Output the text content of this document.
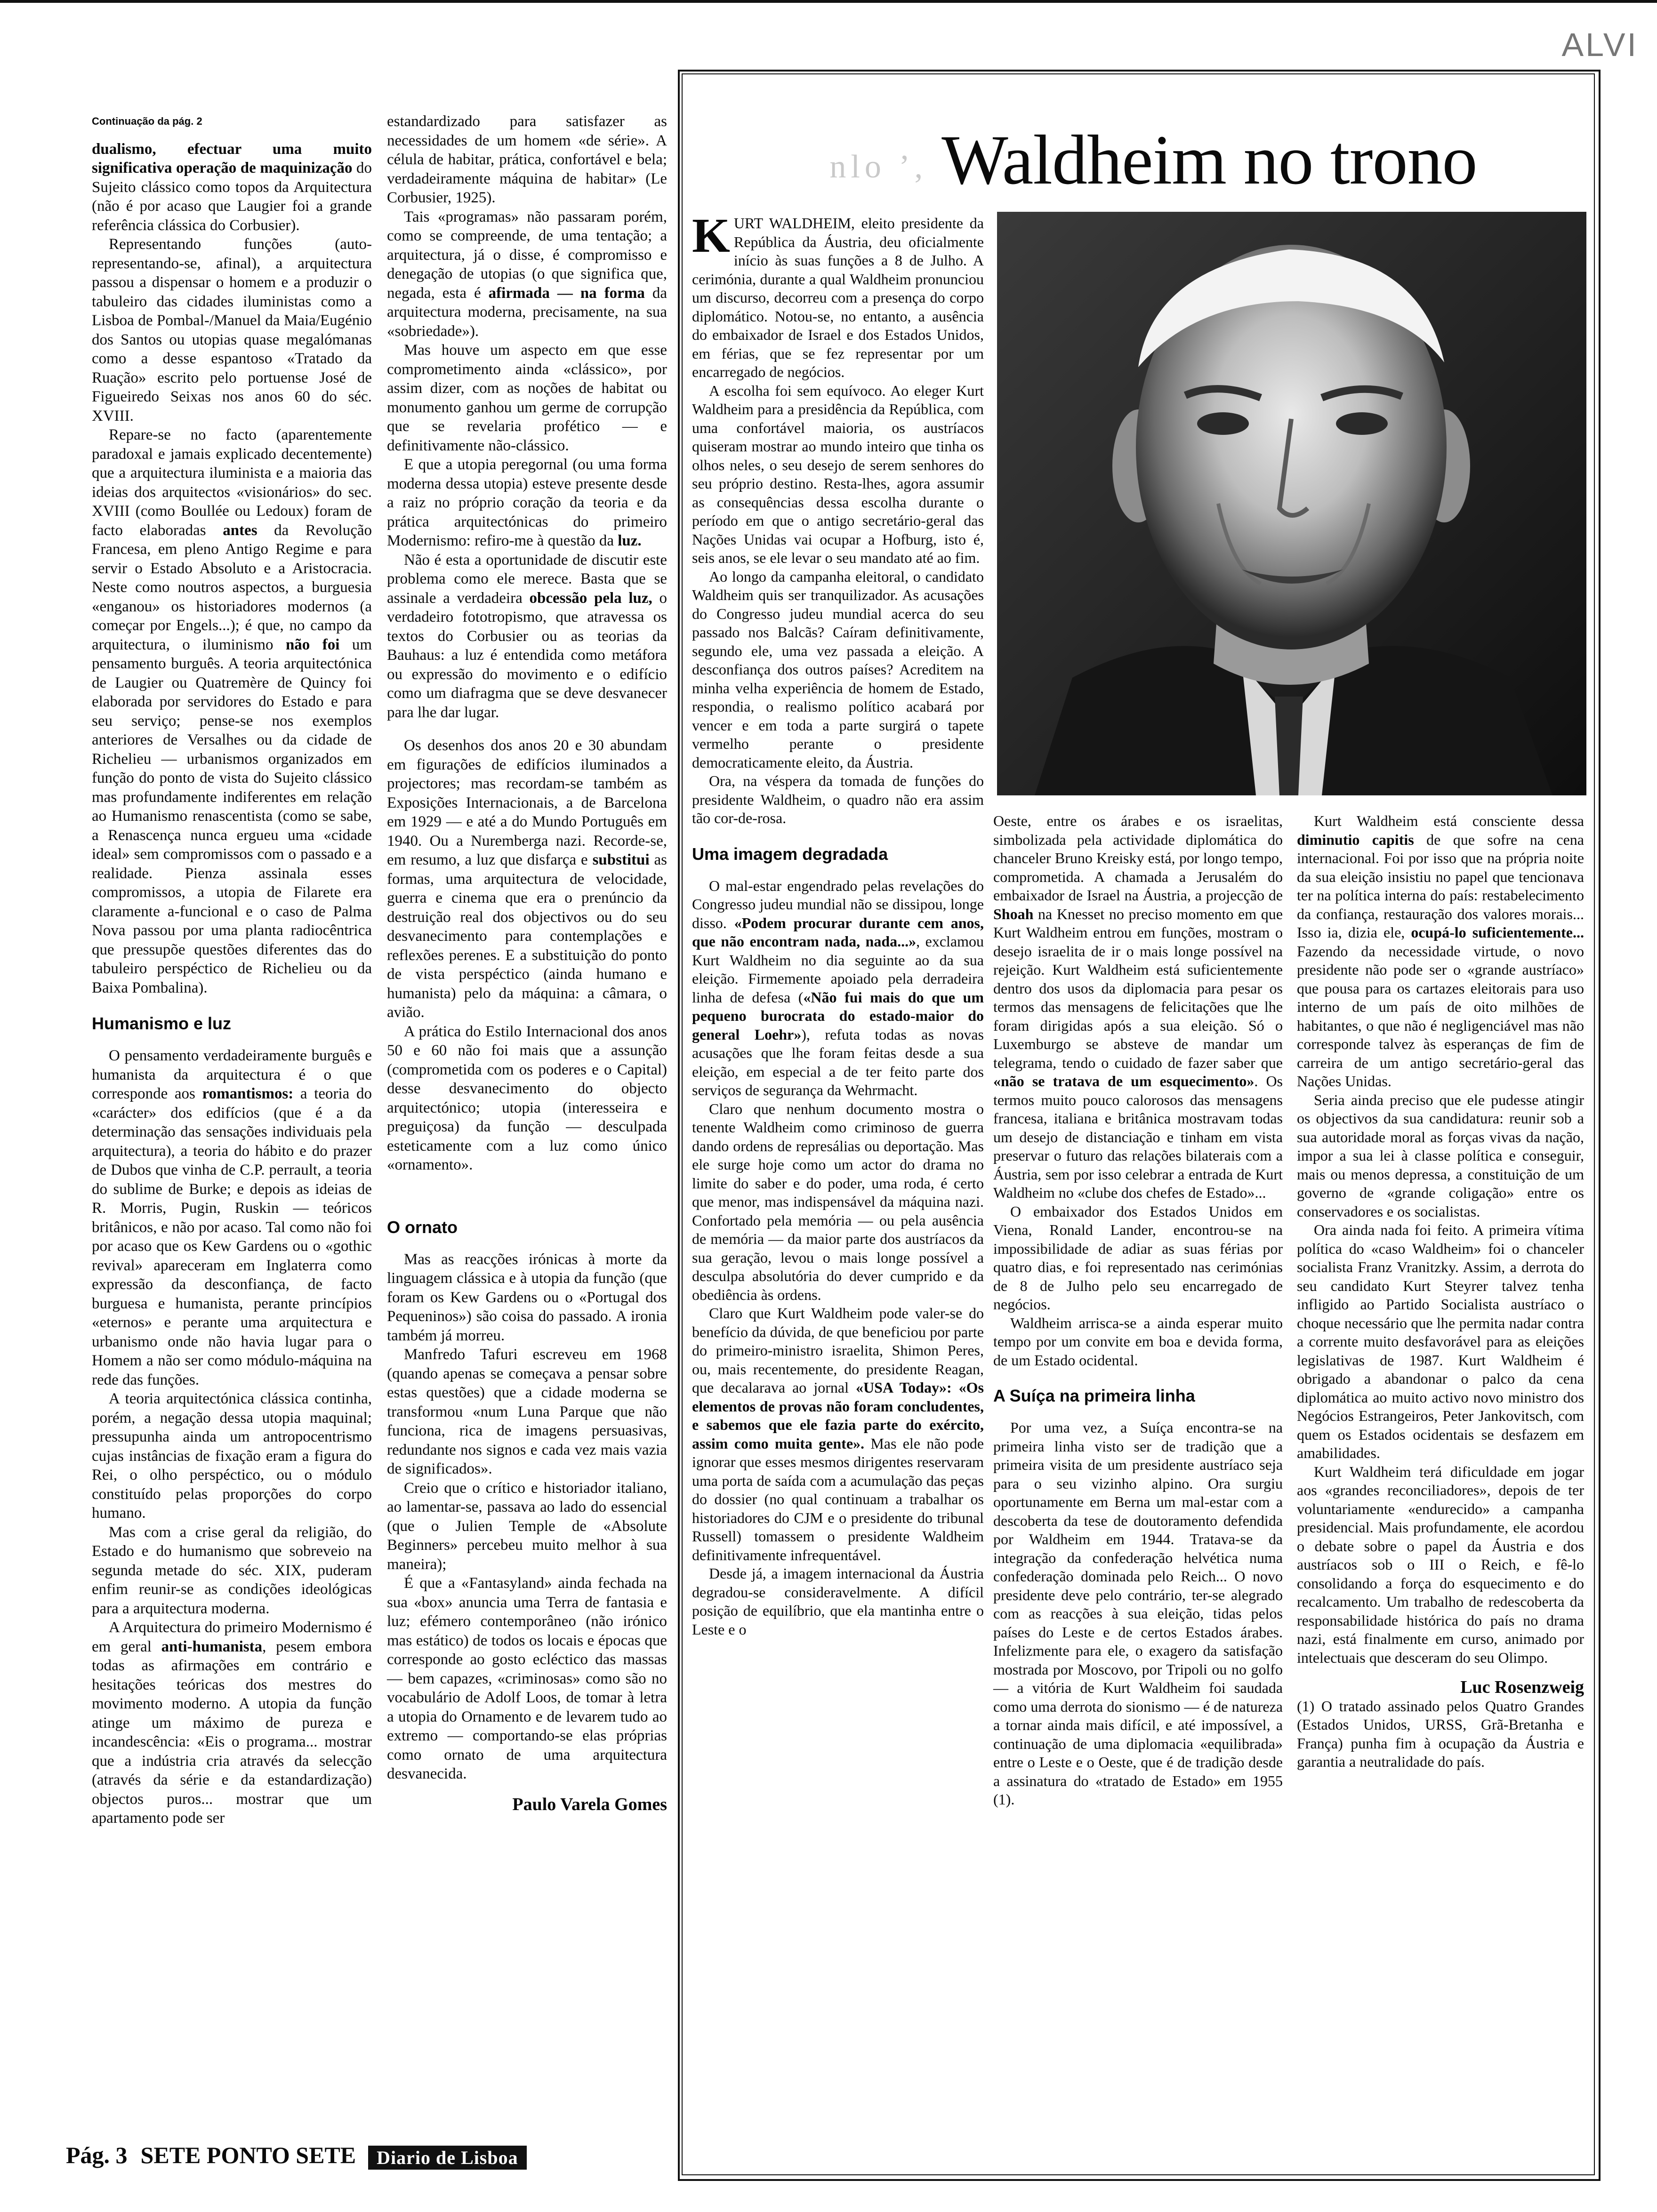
ALVI
Continuação da pág. 2

dualismo, efectuar uma muito significativa operação de maquinização do Sujeito clássico como topos da Arquitectura (não é por acaso que Laugier foi a grande referência clássica do Corbusier).

Representando funções (auto-representando-se, afinal), a arquitectura passou a dispensar o homem e a produzir o tabuleiro das cidades iluministas como a Lisboa de Pombal-/Manuel da Maia/Eugénio dos Santos ou utopias quase megalómanas como a desse espantoso «Tratado da Ruação» escrito pelo portuense José de Figueiredo Seixas nos anos 60 do séc. XVIII.

Repare-se no facto (aparentemente paradoxal e jamais explicado decentemente) que a arquitectura iluminista e a maioria das ideias dos arquitectos «visionários» do sec. XVIII (como Boullée ou Ledoux) foram de facto elaboradas antes da Revolução Francesa, em pleno Antigo Regime e para servir o Estado Absoluto e a Aristocracia. Neste como noutros aspectos, a burguesia «enganou» os historiadores modernos (a começar por Engels...); é que, no campo da arquitectura, o iluminismo não foi um pensamento burguês. A teoria arquitectónica de Laugier ou Quatremère de Quincy foi elaborada por servidores do Estado e para seu serviço; pense-se nos exemplos anteriores de Versalhes ou da cidade de Richelieu — urbanismos organizados em função do ponto de vista do Sujeito clássico mas profundamente indiferentes em relação ao Humanismo renascentista (como se sabe, a Renascença nunca ergueu uma «cidade ideal» sem compromissos com o passado e a realidade. Pienza assinala esses compromissos, a utopia de Filarete era claramente a-funcional e o caso de Palma Nova passou por uma planta radiocêntrica que pressupõe questões diferentes das do tabuleiro perspéctico de Richelieu ou da Baixa Pombalina).

Humanismo e luz

O pensamento verdadeiramente burguês e humanista da arquitectura é o que corresponde aos romantismos: a teoria do «carácter» dos edifícios (que é a da determinação das sensações individuais pela arquitectura), a teoria do hábito e do prazer de Dubos que vinha de C.P. perrault, a teoria do sublime de Burke; e depois as ideias de R. Morris, Pugin, Ruskin — teóricos britânicos, e não por acaso. Tal como não foi por acaso que os Kew Gardens ou o «gothic revival» apareceram em Inglaterra como expressão da desconfiança, de facto burguesa e humanista, perante princípios «eternos» e perante uma arquitectura e urbanismo onde não havia lugar para o Homem a não ser como módulo-máquina na rede das funções.

A teoria arquitectónica clássica continha, porém, a negação dessa utopia maquinal; pressupunha ainda um antropocentrismo cujas instâncias de fixação eram a figura do Rei, o olho perspéctico, ou o módulo constituído pelas proporções do corpo humano.

Mas com a crise geral da religião, do Estado e do humanismo que sobreveio na segunda metade do séc. XIX, puderam enfim reunir-se as condições ideológicas para a arquitectura moderna.

A Arquitectura do primeiro Modernismo é em geral anti-humanista, pesem embora todas as afirmações em contrário e hesitações teóricas dos mestres do movimento moderno. A utopia da função atinge um máximo de pureza e incandescência: «Eis o programa... mostrar que a indústria cria através da selecção (através da série e da estandardização) objectos puros... mostrar que um apartamento pode ser

estandardizado para satisfazer as necessidades de um homem «de série». A célula de habitar, prática, confortável e bela; verdadeiramente máquina de habitar» (Le Corbusier, 1925).

Tais «programas» não passaram porém, como se compreende, de uma tentação; a arquitectura, já o disse, é compromisso e denegação de utopias (o que significa que, negada, esta é afirmada — na forma da arquitectura moderna, precisamente, na sua «sobriedade»).

Mas houve um aspecto em que esse comprometimento ainda «clássico», por assim dizer, com as noções de habitat ou monumento ganhou um germe de corrupção que se revelaria profético — e definitivamente não-clássico.

E que a utopia peregornal (ou uma forma moderna dessa utopia) esteve presente desde a raiz no próprio coração da teoria e da prática arquitectónicas do primeiro Modernismo: refiro-me à questão da luz.

Não é esta a oportunidade de discutir este problema como ele merece. Basta que se assinale a verdadeira obcessão pela luz, o verdadeiro fototropismo, que atravessa os textos do Corbusier ou as teorias da Bauhaus: a luz é entendida como metáfora ou expressão do movimento e o edifício como um diafragma que se deve desvanecer para lhe dar lugar.

Os desenhos dos anos 20 e 30 abundam em figurações de edifícios iluminados a projectores; mas recordam-se também as Exposições Internacionais, a de Barcelona em 1929 — e até a do Mundo Português em 1940. Ou a Nuremberga nazi. Recorde-se, em resumo, a luz que disfarça e substitui as formas, uma arquitectura de velocidade, guerra e cinema que era o prenúncio da destruição real dos objectivos ou do seu desvanecimento para contemplações e reflexões perenes. E a substituição do ponto de vista perspéctico (ainda humano e humanista) pelo da máquina: a câmara, o avião.

A prática do Estilo Internacional dos anos 50 e 60 não foi mais que a assunção (comprometida com os poderes e o Capital) desse desvanecimento do objecto arquitectónico; utopia (interesseira e preguiçosa) da função — desculpada esteticamente com a luz como único «ornamento».

O ornato

Mas as reacções irónicas à morte da linguagem clássica e à utopia da função (que foram os Kew Gardens ou o «Portugal dos Pequeninos») são coisa do passado. A ironia também já morreu.

Manfredo Tafuri escreveu em 1968 (quando apenas se começava a pensar sobre estas questões) que a cidade moderna se transformou «num Luna Parque que não funciona, rica de imagens persuasivas, redundante nos signos e cada vez mais vazia de significados».

Creio que o crítico e historiador italiano, ao lamentar-se, passava ao lado do essencial (que o Julien Temple de «Absolute Beginners» percebeu muito melhor à sua maneira);

É que a «Fantasyland» ainda fechada na sua «box» anuncia uma Terra de fantasia e luz; efémero contemporâneo (não irónico mas estático) de todos os locais e épocas que corresponde ao gosto ecléctico das massas — bem capazes, «criminosas» como são no vocabulário de Adolf Loos, de tomar à letra a utopia do Ornamento e de levarem tudo ao extremo — comportando-se elas próprias como ornato de uma arquitectura desvanecida.

Paulo Varela Gomes
Pág. 3 SETE PONTO SETE Diario de Lisboa
nlo ’, Waldheim no trono

KURT WALDHEIM, eleito presidente da República da Áustria, deu oficialmente início às suas funções a 8 de Julho. A cerimónia, durante a qual Waldheim pronunciou um discurso, decorreu com a presença do corpo diplomático. Notou-se, no entanto, a ausência do embaixador de Israel e dos Estados Unidos, em férias, que se fez representar por um encarregado de negócios.

A escolha foi sem equívoco. Ao eleger Kurt Waldheim para a presidência da República, com uma confortável maioria, os austríacos quiseram mostrar ao mundo inteiro que tinha os olhos neles, o seu desejo de serem senhores do seu próprio destino. Resta-lhes, agora assumir as consequências dessa escolha durante o período em que o antigo secretário-geral das Nações Unidas vai ocupar a Hofburg, isto é, seis anos, se ele levar o seu mandato até ao fim.

Ao longo da campanha eleitoral, o candidato Waldheim quis ser tranquilizador. As acusações do Congresso judeu mundial acerca do seu passado nos Balcãs? Caíram definitivamente, segundo ele, uma vez passada a eleição. A desconfiança dos outros países? Acreditem na minha velha experiência de homem de Estado, respondia, o realismo político acabará por vencer e em toda a parte surgirá o tapete vermelho perante o presidente democraticamente eleito, da Áustria.

Ora, na véspera da tomada de funções do presidente Waldheim, o quadro não era assim tão cor-de-rosa.

Uma imagem degradada

O mal-estar engendrado pelas revelações do Congresso judeu mundial não se dissipou, longe disso. «Podem procurar durante cem anos, que não encontram nada, nada...», exclamou Kurt Waldheim no dia seguinte ao da sua eleição. Firmemente apoiado pela derradeira linha de defesa («Não fui mais do que um pequeno burocrata do estado-maior do general Loehr»), refuta todas as novas acusações que lhe foram feitas desde a sua eleição, em especial a de ter feito parte dos serviços de segurança da Wehrmacht.

Claro que nenhum documento mostra o tenente Waldheim como criminoso de guerra dando ordens de represálias ou deportação. Mas ele surge hoje como um actor do drama no limite do saber e do poder, uma roda, é certo que menor, mas indispensável da máquina nazi. Confortado pela memória — ou pela ausência de memória — da maior parte dos austríacos da sua geração, levou o mais longe possível a desculpa absolutória do dever cumprido e da obediência às ordens.

Claro que Kurt Waldheim pode valer-se do benefício da dúvida, de que beneficiou por parte do primeiro-ministro israelita, Shimon Peres, ou, mais recentemente, do presidente Reagan, que decalarava ao jornal «USA Today»: «Os elementos de provas não foram concludentes, e sabemos que ele fazia parte do exército, assim como muita gente». Mas ele não pode ignorar que esses mesmos dirigentes reservaram uma porta de saída com a acumulação das peças do dossier (no qual continuam a trabalhar os historiadores do CJM e o presidente do tribunal Russell) tomassem o presidente Waldheim definitivamente infrequentável.

Desde já, a imagem internacional da Áustria degradou-se consideravelmente. A difícil posição de equilíbrio, que ela mantinha entre o Leste e o

Oeste, entre os árabes e os israelitas, simbolizada pela actividade diplomática do chanceler Bruno Kreisky está, por longo tempo, comprometida. A chamada a Jerusalém do embaixador de Israel na Áustria, a projecção de Shoah na Knesset no preciso momento em que Kurt Waldheim entrou em funções, mostram o desejo israelita de ir o mais longe possível na rejeição. Kurt Waldheim está suficientemente dentro dos usos da diplomacia para pesar os termos das mensagens de felicitações que lhe foram dirigidas após a sua eleição. Só o Luxemburgo se absteve de mandar um telegrama, tendo o cuidado de fazer saber que «não se tratava de um esquecimento». Os termos muito pouco calorosos das mensagens francesa, italiana e britânica mostravam todas um desejo de distanciação e tinham em vista preservar o futuro das relações bilaterais com a Áustria, sem por isso celebrar a entrada de Kurt Waldheim no «clube dos chefes de Estado»...

O embaixador dos Estados Unidos em Viena, Ronald Lander, encontrou-se na impossibilidade de adiar as suas férias por quatro dias, e foi representado nas cerimónias de 8 de Julho pelo seu encarregado de negócios.

Waldheim arrisca-se a ainda esperar muito tempo por um convite em boa e devida forma, de um Estado ocidental.

A Suíça na primeira linha

Por uma vez, a Suíça encontra-se na primeira linha visto ser de tradição que a primeira visita de um presidente austríaco seja para o seu vizinho alpino. Ora surgiu oportunamente em Berna um mal-estar com a descoberta da tese de doutoramento defendida por Waldheim em 1944. Tratava-se da integração da confederação helvética numa confederação dominada pelo Reich... O novo presidente deve pelo contrário, ter-se alegrado com as reacções à sua eleição, tidas pelos países do Leste e de certos Estados árabes. Infelizmente para ele, o exagero da satisfação mostrada por Moscovo, por Tripoli ou no golfo — a vitória de Kurt Waldheim foi saudada como uma derrota do sionismo — é de natureza a tornar ainda mais difícil, e até impossível, a continuação de uma diplomacia «equilibrada» entre o Leste e o Oeste, que é de tradição desde a assinatura do «tratado de Estado» em 1955 (1).

Kurt Waldheim está consciente dessa diminutio capitis de que sofre na cena internacional. Foi por isso que na própria noite da sua eleição insistiu no papel que tencionava ter na política interna do país: restabelecimento da confiança, restauração dos valores morais... Isso ia, dizia ele, ocupá-lo suficientemente... Fazendo da necessidade virtude, o novo presidente não pode ser o «grande austríaco» que pousa para os cartazes eleitorais para uso interno de um país de oito milhões de habitantes, o que não é negligenciável mas não corresponde talvez às esperanças de fim de carreira de um antigo secretário-geral das Nações Unidas.

Seria ainda preciso que ele pudesse atingir os objectivos da sua candidatura: reunir sob a sua autoridade moral as forças vivas da nação, impor a sua lei à classe política e conseguir, mais ou menos depressa, a constituição de um governo de «grande coligação» entre os conservadores e os socialistas.

Ora ainda nada foi feito. A primeira vítima política do «caso Waldheim» foi o chanceler socialista Franz Vranitzky. Assim, a derrota do seu candidato Kurt Steyrer talvez tenha infligido ao Partido Socialista austríaco o choque necessário que lhe permita nadar contra a corrente muito desfavorável para as eleições legislativas de 1987. Kurt Waldheim é obrigado a abandonar o palco da cena diplomática ao muito activo novo ministro dos Negócios Estrangeiros, Peter Jankovitsch, com quem os Estados ocidentais se desfazem em amabilidades.

Kurt Waldheim terá dificuldade em jogar aos «grandes reconciliadores», depois de ter voluntariamente «endurecido» a campanha presidencial. Mais profundamente, ele acordou o debate sobre o papel da Áustria e dos austríacos sob o III o Reich, e fê-lo consolidando a força do esquecimento e do recalcamento. Um trabalho de redescoberta da responsabilidade histórica do país no drama nazi, está finalmente em curso, animado por intelectuais que desceram do seu Olimpo.

Luc Rosenzweig

(1) O tratado assinado pelos Quatro Grandes (Estados Unidos, URSS, Grã-Bretanha e França) punha fim à ocupação da Áustria e garantia a neutralidade do país.
